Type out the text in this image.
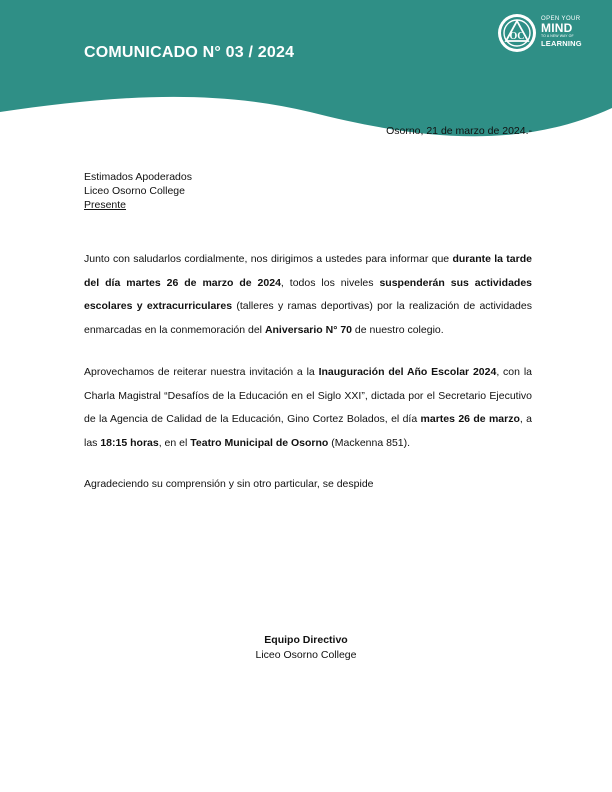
COMUNICADO N° 03 / 2024
OC
OPEN YOUR
MIND
TO A NEW WAY OF
LEARNING
Osorno, 21 de marzo de 2024.-
Estimados Apoderados
Liceo Osorno College
Presente
Junto con saludarlos cordialmente, nos dirigimos a ustedes para informar que durante la tarde del día martes 26 de marzo de 2024, todos los niveles suspenderán sus actividades escolares y extracurriculares (talleres y ramas deportivas) por la realización de actividades enmarcadas en la conmemoración del Aniversario N° 70 de nuestro colegio.
Aprovechamos de reiterar nuestra invitación a la Inauguración del Año Escolar 2024, con la Charla Magistral “Desafíos de la Educación en el Siglo XXI”, dictada por el Secretario Ejecutivo de la Agencia de Calidad de la Educación, Gino Cortez Bolados, el día martes 26 de marzo, a las 18:15 horas, en el Teatro Municipal de Osorno (Mackenna 851).
Agradeciendo su comprensión y sin otro particular, se despide
Equipo Directivo
Liceo Osorno College
